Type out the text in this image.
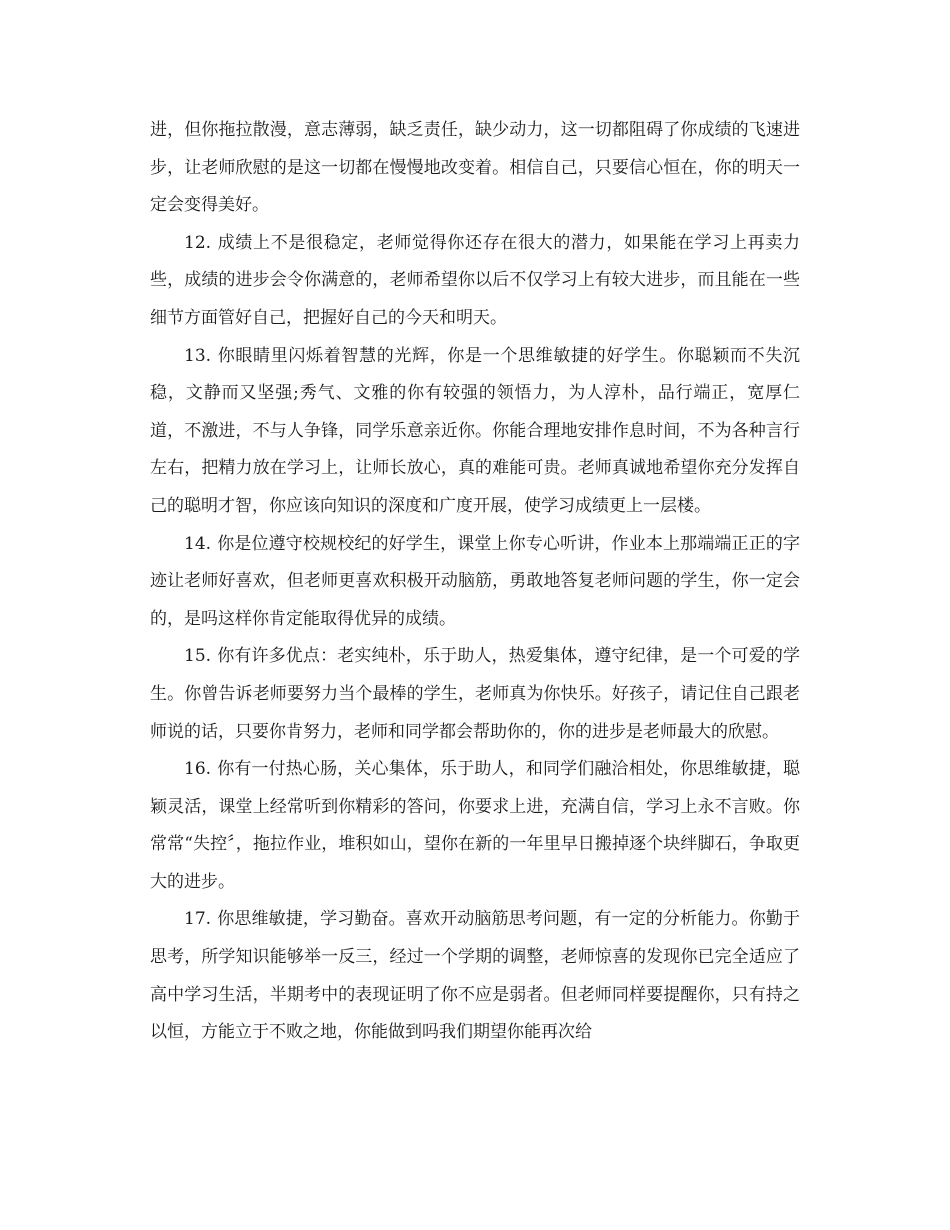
进，但你拖拉散漫，意志薄弱，缺乏责任，缺少动力，这一切都阻碍了你成绩的飞速进步，让老师欣慰的是这一切都在慢慢地改变着。相信自己，只要信心恒在，你的明天一定会变得美好。

12. 成绩上不是很稳定，老师觉得你还存在很大的潜力，如果能在学习上再卖力些，成绩的进步会令你满意的，老师希望你以后不仅学习上有较大进步，而且能在一些细节方面管好自己，把握好自己的今天和明天。

13. 你眼睛里闪烁着智慧的光辉，你是一个思维敏捷的好学生。你聪颖而不失沉稳，文静而又坚强;秀气、文雅的你有较强的领悟力，为人淳朴，品行端正，宽厚仁道，不激进，不与人争锋，同学乐意亲近你。你能合理地安排作息时间，不为各种言行左右，把精力放在学习上，让师长放心，真的难能可贵。老师真诚地希望你充分发挥自己的聪明才智，你应该向知识的深度和广度开展，使学习成绩更上一层楼。

14. 你是位遵守校规校纪的好学生，课堂上你专心听讲，作业本上那端端正正的字迹让老师好喜欢，但老师更喜欢积极开动脑筋，勇敢地答复老师问题的学生，你一定会的，是吗这样你肯定能取得优异的成绩。

15. 你有许多优点：老实纯朴，乐于助人，热爱集体，遵守纪律，是一个可爱的学生。你曾告诉老师要努力当个最棒的学生，老师真为你快乐。好孩子，请记住自己跟老师说的话，只要你肯努力，老师和同学都会帮助你的，你的进步是老师最大的欣慰。

16. 你有一付热心肠，关心集体，乐于助人，和同学们融洽相处，你思维敏捷，聪颖灵活，课堂上经常听到你精彩的答问，你要求上进，充满自信，学习上永不言败。你常常“失控〞，拖拉作业，堆积如山，望你在新的一年里早日搬掉逐个块绊脚石，争取更大的进步。

17. 你思维敏捷，学习勤奋。喜欢开动脑筋思考问题，有一定的分析能力。你勤于思考，所学知识能够举一反三，经过一个学期的调整，老师惊喜的发现你已完全适应了高中学习生活，半期考中的表现证明了你不应是弱者。但老师同样要提醒你，只有持之以恒，方能立于不败之地，你能做到吗我们期望你能再次给
